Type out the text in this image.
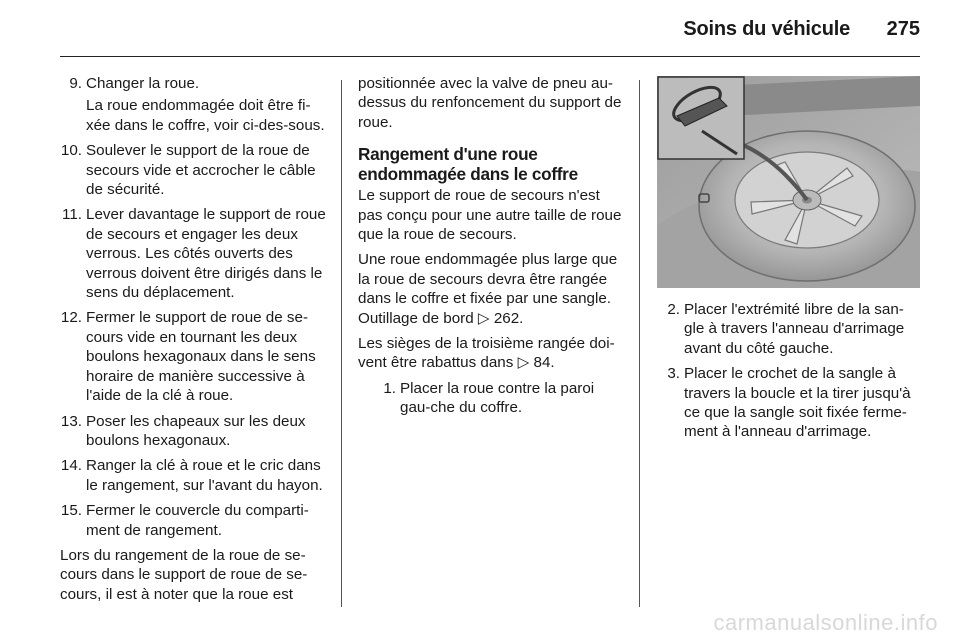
Soins du véhicule 275
9. Changer la roue.
La roue endommagée doit être fi-xée dans le coffre, voir ci-des-sous.
10. Soulever le support de la roue de secours vide et accrocher le câble de sécurité.
11. Lever davantage le support de roue de secours et engager les deux verrous. Les côtés ouverts des verrous doivent être dirigés dans le sens du déplacement.
12. Fermer le support de roue de se-cours vide en tournant les deux boulons hexagonaux dans le sens horaire de manière successive à l'aide de la clé à roue.
13. Poser les chapeaux sur les deux boulons hexagonaux.
14. Ranger la clé à roue et le cric dans le rangement, sur l'avant du hayon.
15. Fermer le couvercle du comparti-ment de rangement.

Lors du rangement de la roue de se-cours dans le support de roue de se-cours, il est à noter que la roue est

positionnée avec la valve de pneu au-dessus du renfoncement du support de roue.

Rangement d'une roue endommagée dans le coffre

Le support de roue de secours n'est pas conçu pour une autre taille de roue que la roue de secours.

Une roue endommagée plus large que la roue de secours devra être rangée dans le coffre et fixée par une sangle. Outillage de bord ▷ 262.

Les sièges de la troisième rangée doi-vent être rabattus dans ▷ 84.

1. Placer la roue contre la paroi gau-che du coffre.
2. Placer l'extrémité libre de la san-gle à travers l'anneau d'arrimage avant du côté gauche.
3. Placer le crochet de la sangle à travers la boucle et la tirer jusqu'à ce que la sangle soit fixée ferme-ment à l'anneau d'arrimage.
carmanualsonline.info
